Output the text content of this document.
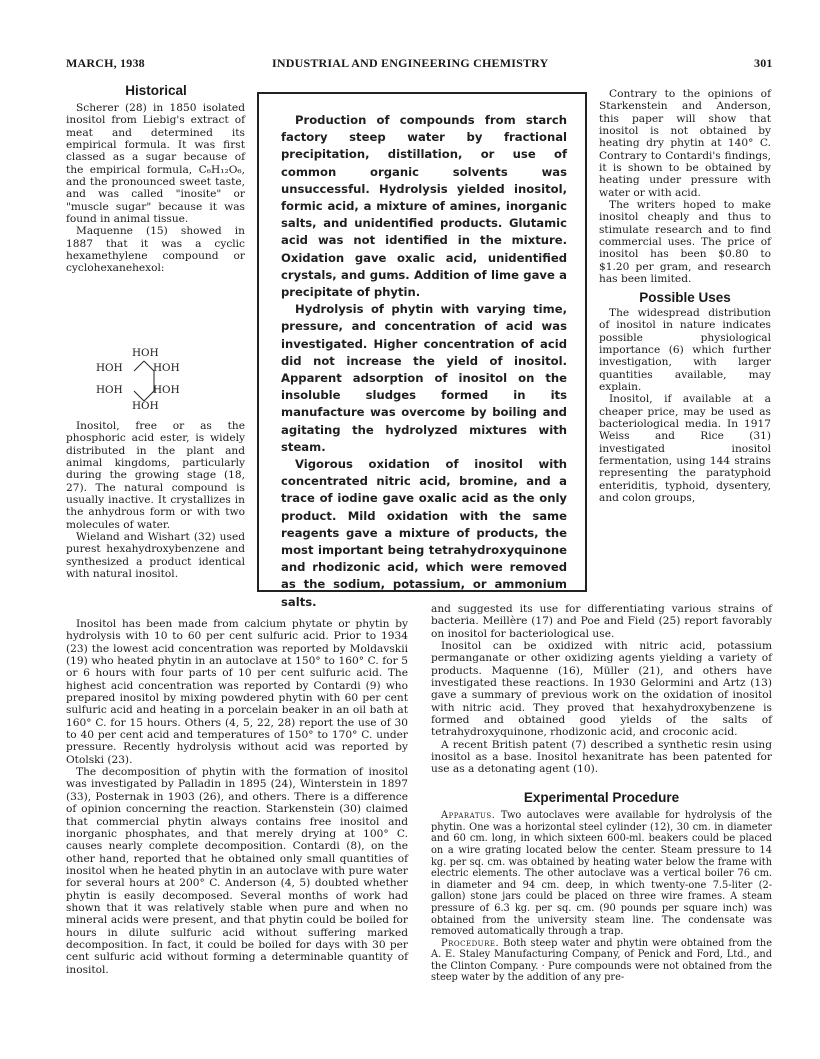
MARCH, 1938	INDUSTRIAL AND ENGINEERING CHEMISTRY	301
Historical

Scherer (28) in 1850 isolated inositol from Liebig's extract of meat and determined its empirical formula. It was first classed as a sugar because of the empirical formula, C₆H₁₂O₆, and the pronounced sweet taste, and was called "inosite" or "muscle sugar" because it was found in animal tissue.

Maquenne (15) showed in 1887 that it was a cyclic hexamethylene compound or cyclohexanehexol:

HOH
HOH	HOH
HOH	HOH
HOH

Inositol, free or as the phosphoric acid ester, is widely distributed in the plant and animal kingdoms, particularly during the growing stage (18, 27). The natural compound is usually inactive. It crystallizes in the anhydrous form or with two molecules of water.

Wieland and Wishart (32) used purest hexahydroxybenzene and synthesized a product identical with natural inositol.

Production of compounds from starch factory steep water by fractional precipitation, distillation, or use of common organic solvents was unsuccessful. Hydrolysis yielded inositol, formic acid, a mixture of amines, inorganic salts, and unidentified products. Glutamic acid was not identified in the mixture. Oxidation gave oxalic acid, unidentified crystals, and gums. Addition of lime gave a precipitate of phytin.

Hydrolysis of phytin with varying time, pressure, and concentration of acid was investigated. Higher concentration of acid did not increase the yield of inositol. Apparent adsorption of inositol on the insoluble sludges formed in its manufacture was overcome by boiling and agitating the hydrolyzed mixtures with steam.

Vigorous oxidation of inositol with concentrated nitric acid, bromine, and a trace of iodine gave oxalic acid as the only product. Mild oxidation with the same reagents gave a mixture of products, the most important being tetrahydroxyquinone and rhodizonic acid, which were removed as the sodium, potassium, or ammonium salts.

Contrary to the opinions of Starkenstein and Anderson, this paper will show that inositol is not obtained by heating dry phytin at 140° C. Contrary to Contardi's findings, it is shown to be obtained by heating under pressure with water or with acid.

The writers hoped to make inositol cheaply and thus to stimulate research and to find commercial uses. The price of inositol has been $0.80 to $1.20 per gram, and research has been limited.

Possible Uses

The widespread distribution of inositol in nature indicates possible physiological importance (6) which further investigation, with larger quantities available, may explain.

Inositol, if available at a cheaper price, may be used as bacteriological media. In 1917 Weiss and Rice (31) investigated inositol fermentation, using 144 strains representing the paratyphoid enteriditis, typhoid, dysentery, and colon groups,

Inositol has been made from calcium phytate or phytin by hydrolysis with 10 to 60 per cent sulfuric acid. Prior to 1934 (23) the lowest acid concentration was reported by Moldavskii (19) who heated phytin in an autoclave at 150° to 160° C. for 5 or 6 hours with four parts of 10 per cent sulfuric acid. The highest acid concentration was reported by Contardi (9) who prepared inositol by mixing powdered phytin with 60 per cent sulfuric acid and heating in a porcelain beaker in an oil bath at 160° C. for 15 hours. Others (4, 5, 22, 28) report the use of 30 to 40 per cent acid and temperatures of 150° to 170° C. under pressure. Recently hydrolysis without acid was reported by Otolski (23).

The decomposition of phytin with the formation of inositol was investigated by Palladin in 1895 (24), Winterstein in 1897 (33), Posternak in 1903 (26), and others. There is a difference of opinion concerning the reaction. Starkenstein (30) claimed that commercial phytin always contains free inositol and inorganic phosphates, and that merely drying at 100° C. causes nearly complete decomposition. Contardi (8), on the other hand, reported that he obtained only small quantities of inositol when he heated phytin in an autoclave with pure water for several hours at 200° C. Anderson (4, 5) doubted whether phytin is easily decomposed. Several months of work had shown that it was relatively stable when pure and when no mineral acids were present, and that phytin could be boiled for hours in dilute sulfuric acid without suffering marked decomposition. In fact, it could be boiled for days with 30 per cent sulfuric acid without forming a determinable quantity of inositol.

and suggested its use for differentiating various strains of bacteria. Meillère (17) and Poe and Field (25) report favorably on inositol for bacteriological use.

Inositol can be oxidized with nitric acid, potassium permanganate or other oxidizing agents yielding a variety of products. Maquenne (16), Müller (21), and others have investigated these reactions. In 1930 Gelormini and Artz (13) gave a summary of previous work on the oxidation of inositol with nitric acid. They proved that hexahydroxybenzene is formed and obtained good yields of the salts of tetrahydroxyquinone, rhodizonic acid, and croconic acid.

A recent British patent (7) described a synthetic resin using inositol as a base. Inositol hexanitrate has been patented for use as a detonating agent (10).

Experimental Procedure

Apparatus. Two autoclaves were available for hydrolysis of the phytin. One was a horizontal steel cylinder (12), 30 cm. in diameter and 60 cm. long, in which sixteen 600-ml. beakers could be placed on a wire grating located below the center. Steam pressure to 14 kg. per sq. cm. was obtained by heating water below the frame with electric elements. The other autoclave was a vertical boiler 76 cm. in diameter and 94 cm. deep, in which twenty-one 7.5-liter (2-gallon) stone jars could be placed on three wire frames. A steam pressure of 6.3 kg. per sq. cm. (90 pounds per square inch) was obtained from the university steam line. The condensate was removed automatically through a trap.

Procedure. Both steep water and phytin were obtained from the A. E. Staley Manufacturing Company, of Penick and Ford, Ltd., and the Clinton Company. · Pure compounds were not obtained from the steep water by the addition of any pre-
